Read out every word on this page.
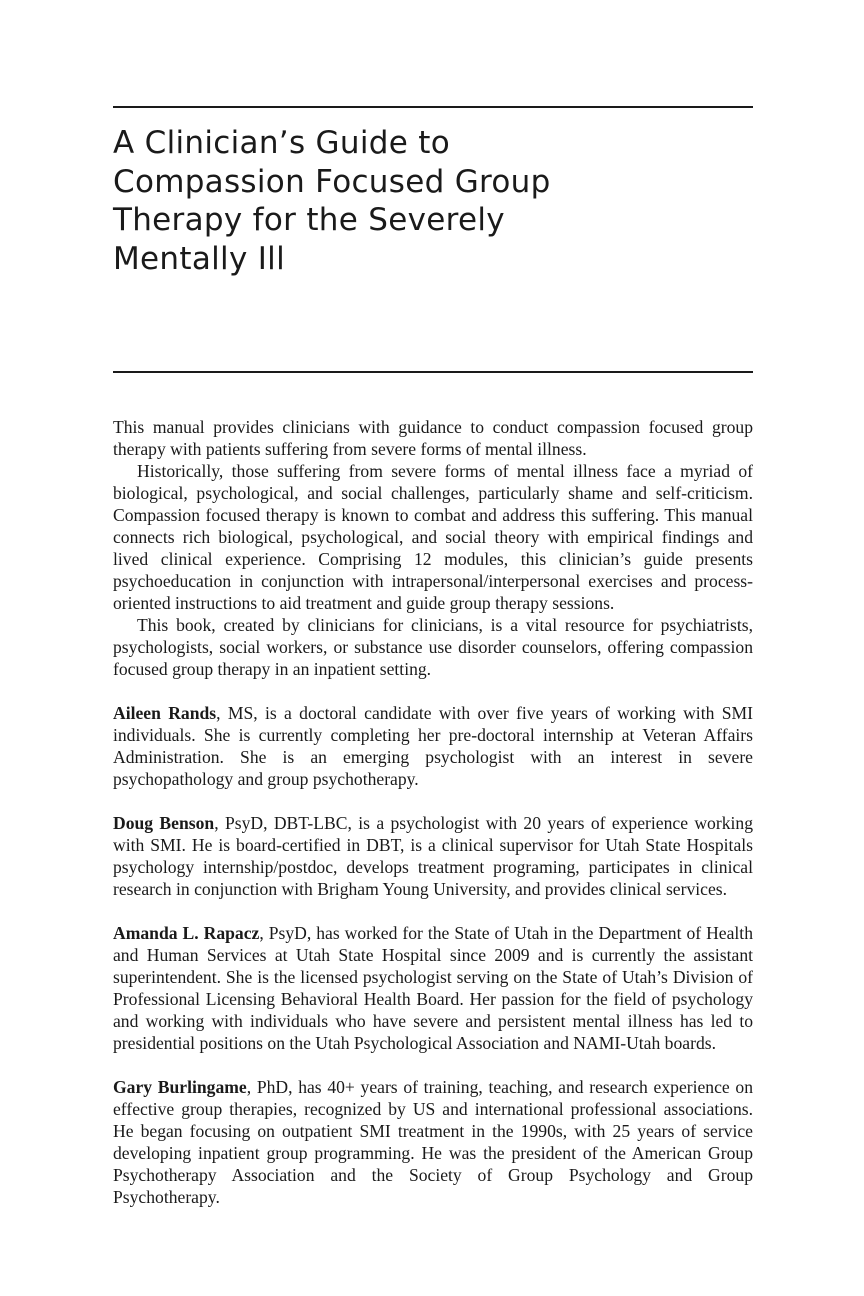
A Clinician’s Guide to
Compassion Focused Group
Therapy for the Severely
Mentally Ill

This manual provides clinicians with guidance to conduct compassion focused group therapy with patients suffering from severe forms of mental illness.

Historically, those suffering from severe forms of mental illness face a myriad of biological, psychological, and social challenges, particularly shame and self-criticism. Compassion focused therapy is known to combat and address this suffering. This manual connects rich biological, psychological, and social theory with empirical findings and lived clinical experience. Comprising 12 modules, this clinician’s guide presents psychoeducation in conjunction with intrapersonal/interpersonal exercises and process-oriented instructions to aid treatment and guide group therapy sessions.

This book, created by clinicians for clinicians, is a vital resource for psychiatrists, psychologists, social workers, or substance use disorder counselors, offering compassion focused group therapy in an inpatient setting.

Aileen Rands, MS, is a doctoral candidate with over five years of working with SMI individuals. She is currently completing her pre-doctoral internship at Veteran Affairs Administration. She is an emerging psychologist with an interest in severe psychopathology and group psychotherapy.

Doug Benson, PsyD, DBT-LBC, is a psychologist with 20 years of experience working with SMI. He is board-certified in DBT, is a clinical supervisor for Utah State Hospitals psychology internship/postdoc, develops treatment programing, participates in clinical research in conjunction with Brigham Young University, and provides clinical services.

Amanda L. Rapacz, PsyD, has worked for the State of Utah in the Department of Health and Human Services at Utah State Hospital since 2009 and is currently the assistant superintendent. She is the licensed psychologist serving on the State of Utah’s Division of Professional Licensing Behavioral Health Board. Her passion for the field of psychology and working with individuals who have severe and persistent mental illness has led to presidential positions on the Utah Psychological Association and NAMI-Utah boards.

Gary Burlingame, PhD, has 40+ years of training, teaching, and research experience on effective group therapies, recognized by US and international professional associations. He began focusing on outpatient SMI treatment in the 1990s, with 25 years of service developing inpatient group programming. He was the president of the American Group Psychotherapy Association and the Society of Group Psychology and Group Psychotherapy.
